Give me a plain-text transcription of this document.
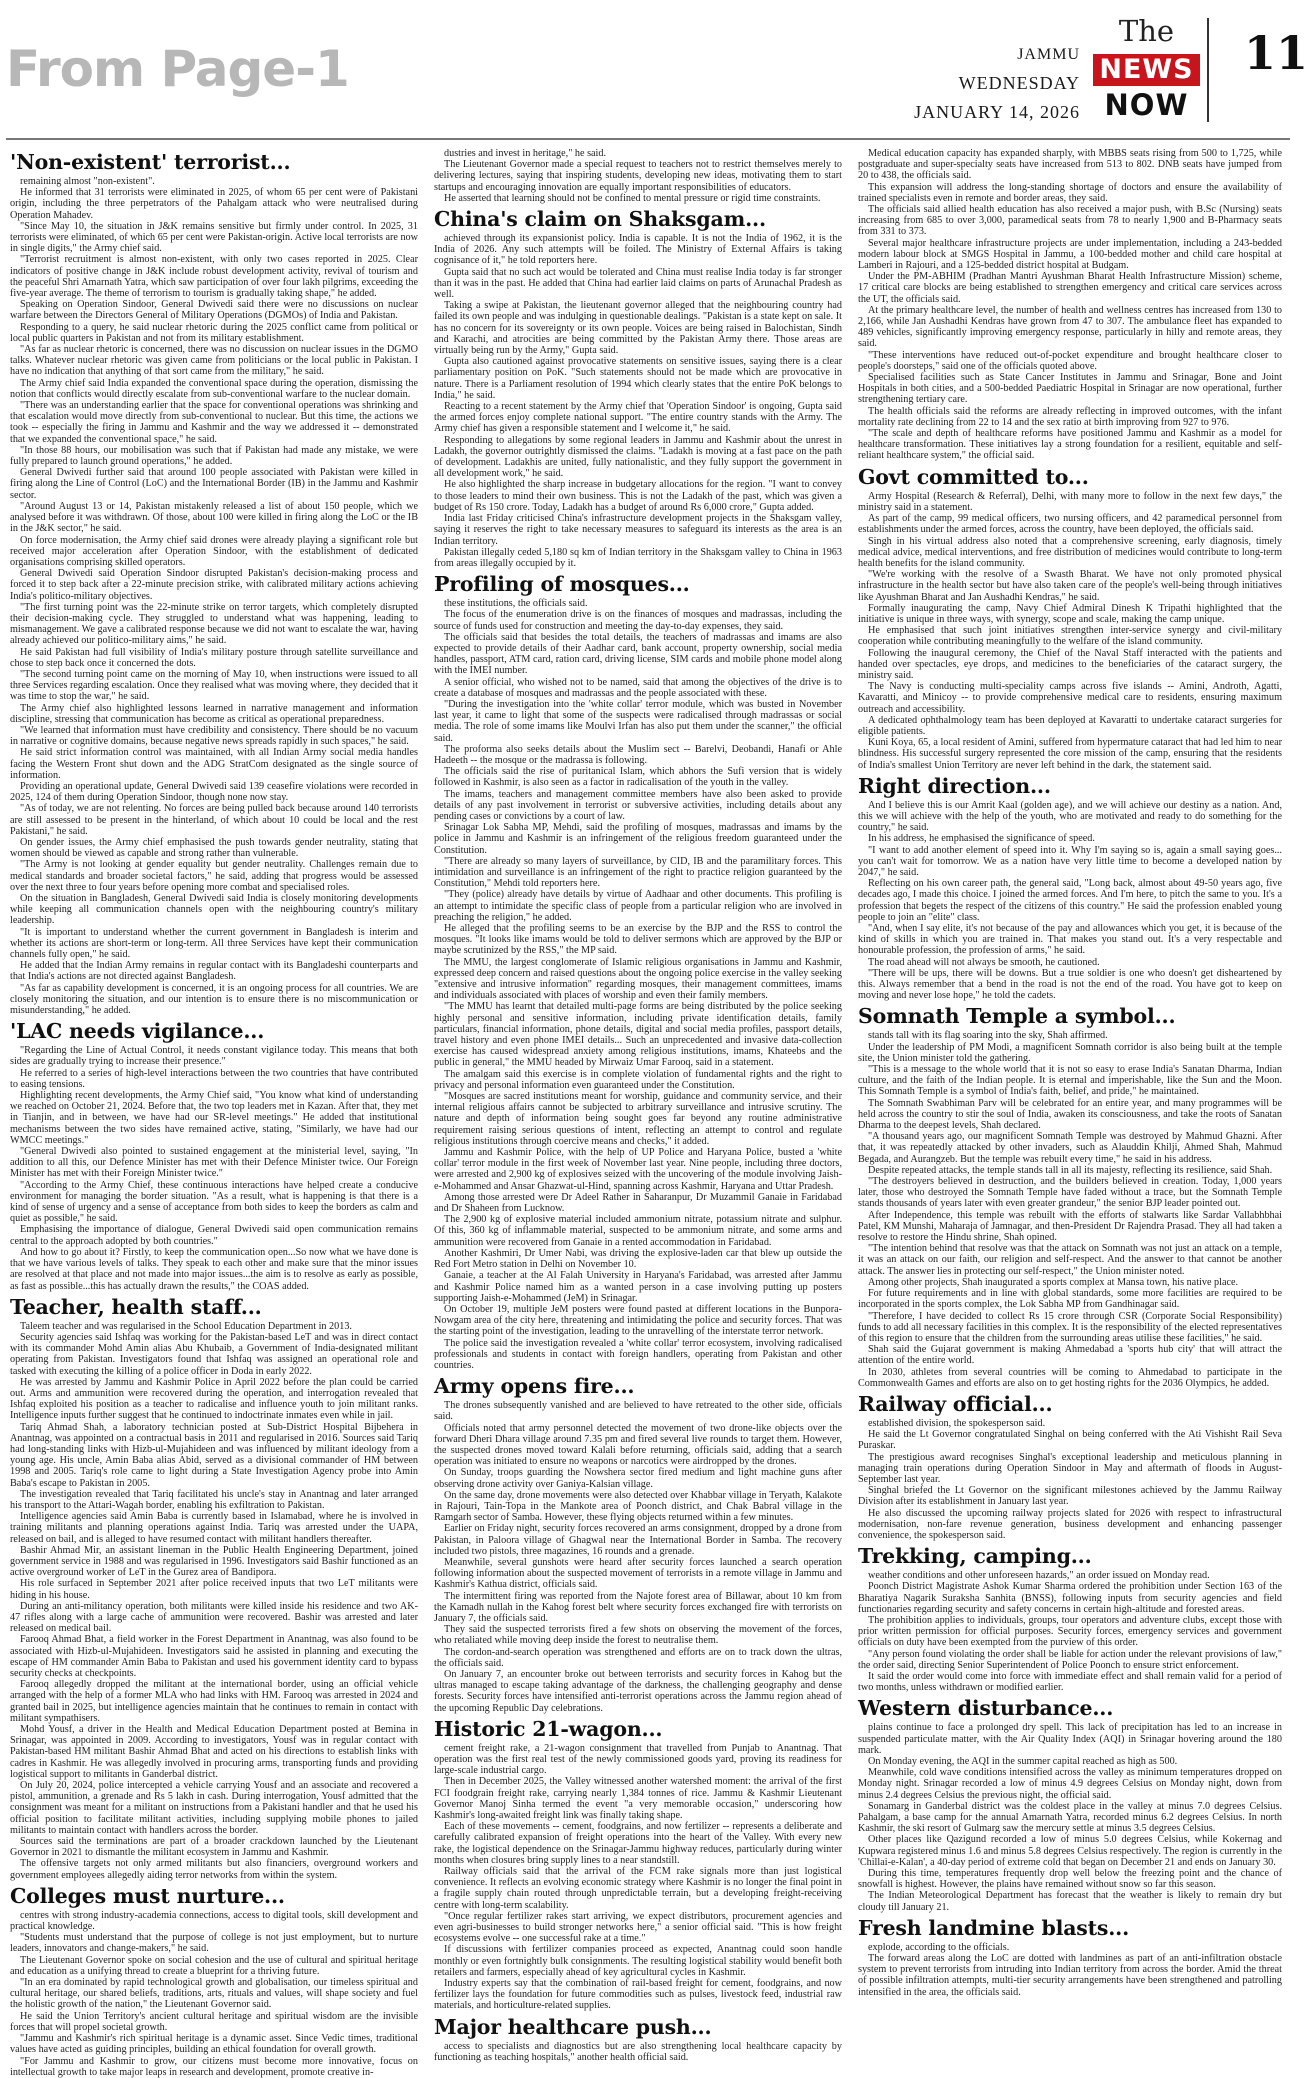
From Page-1	JAMMU
WEDNESDAY
JANUARY 14, 2026
The
NEWS
NOW
11
'Non-existent' terrorist...

remaining almost "non-existent".

He informed that 31 terrorists were eliminated in 2025, of whom 65 per cent were of Pakistani origin, including the three perpetrators of the Pahalgam attack who were neutralised during Operation Mahadev.

"Since May 10, the situation in J&K remains sensitive but firmly under control. In 2025, 31 terrorists were eliminated, of which 65 per cent were Pakistan-origin. Active local terrorists are now in single digits," the Army chief said.

"Terrorist recruitment is almost non-existent, with only two cases reported in 2025. Clear indicators of positive change in J&K include robust development activity, revival of tourism and the peaceful Shri Amarnath Yatra, which saw participation of over four lakh pilgrims, exceeding the five-year average. The theme of terrorism to tourism is gradually taking shape," he added.

Speaking on Operation Sindoor, General Dwivedi said there were no discussions on nuclear warfare between the Directors General of Military Operations (DGMOs) of India and Pakistan.

Responding to a query, he said nuclear rhetoric during the 2025 conflict came from political or local public quarters in Pakistan and not from its military establishment.

"As far as nuclear rhetoric is concerned, there was no discussion on nuclear issues in the DGMO talks. Whatever nuclear rhetoric was given came from politicians or the local public in Pakistan. I have no indication that anything of that sort came from the military," he said.

The Army chief said India expanded the conventional space during the operation, dismissing the notion that conflicts would directly escalate from sub-conventional warfare to the nuclear domain.

"There was an understanding earlier that the space for conventional operations was shrinking and that escalation would move directly from sub-conventional to nuclear. But this time, the actions we took -- especially the firing in Jammu and Kashmir and the way we addressed it -- demonstrated that we expanded the conventional space," he said.

"In those 88 hours, our mobilisation was such that if Pakistan had made any mistake, we were fully prepared to launch ground operations," he added.

General Dwivedi further said that around 100 people associated with Pakistan were killed in firing along the Line of Control (LoC) and the International Border (IB) in the Jammu and Kashmir sector.

"Around August 13 or 14, Pakistan mistakenly released a list of about 150 people, which we analysed before it was withdrawn. Of those, about 100 were killed in firing along the LoC or the IB in the J&K sector," he said.

On force modernisation, the Army chief said drones were already playing a significant role but received major acceleration after Operation Sindoor, with the establishment of dedicated organisations comprising skilled operators.

General Dwivedi said Operation Sindoor disrupted Pakistan's decision-making process and forced it to step back after a 22-minute precision strike, with calibrated military actions achieving India's politico-military objectives.

"The first turning point was the 22-minute strike on terror targets, which completely disrupted their decision-making cycle. They struggled to understand what was happening, leading to mismanagement. We gave a calibrated response because we did not want to escalate the war, having already achieved our politico-military aims," he said.

He said Pakistan had full visibility of India's military posture through satellite surveillance and chose to step back once it concerned the dots.

"The second turning point came on the morning of May 10, when instructions were issued to all three Services regarding escalation. Once they realised what was moving where, they decided that it was time to stop the war," he said.

The Army chief also highlighted lessons learned in narrative management and information discipline, stressing that communication has become as critical as operational preparedness.

"We learned that information must have credibility and consistency. There should be no vacuum in narrative or cognitive domains, because negative news spreads rapidly in such spaces," he said.

He said strict information control was maintained, with all Indian Army social media handles facing the Western Front shut down and the ADG StratCom designated as the single source of information.

Providing an operational update, General Dwivedi said 139 ceasefire violations were recorded in 2025, 124 of them during Operation Sindoor, though none now stay.

"As of today, we are not relenting. No forces are being pulled back because around 140 terrorists are still assessed to be present in the hinterland, of which about 10 could be local and the rest Pakistani," he said.

On gender issues, the Army chief emphasised the push towards gender neutrality, stating that women should be viewed as capable and strong rather than vulnerable.

"The Army is not looking at gender equality but gender neutrality. Challenges remain due to medical standards and broader societal factors," he said, adding that progress would be assessed over the next three to four years before opening more combat and specialised roles.

On the situation in Bangladesh, General Dwivedi said India is closely monitoring developments while keeping all communication channels open with the neighbouring country's military leadership.

"It is important to understand whether the current government in Bangladesh is interim and whether its actions are short-term or long-term. All three Services have kept their communication channels fully open," he said.

He added that the Indian Army remains in regular contact with its Bangladeshi counterparts and that India's actions are not directed against Bangladesh.

"As far as capability development is concerned, it is an ongoing process for all countries. We are closely monitoring the situation, and our intention is to ensure there is no miscommunication or misunderstanding," he added.

'LAC needs vigilance...

"Regarding the Line of Actual Control, it needs constant vigilance today. This means that both sides are gradually trying to increase their presence."

He referred to a series of high-level interactions between the two countries that have contributed to easing tensions.

Highlighting recent developments, the Army Chief said, "You know what kind of understanding we reached on October 21, 2024. Before that, the two top leaders met in Kazan. After that, they met in Tianjin, and in between, we have had our SR-level meetings." He added that institutional mechanisms between the two sides have remained active, stating, "Similarly, we have had our WMCC meetings."

"General Dwivedi also pointed to sustained engagement at the ministerial level, saying, "In addition to all this, our Defence Minister has met with their Defence Minister twice. Our Foreign Minister has met with their Foreign Minister twice."

"According to the Army Chief, these continuous interactions have helped create a conducive environment for managing the border situation. "As a result, what is happening is that there is a kind of sense of urgency and a sense of acceptance from both sides to keep the borders as calm and quiet as possible," he said.

Emphasising the importance of dialogue, General Dwivedi said open communication remains central to the approach adopted by both countries."

And how to go about it? Firstly, to keep the communication open...So now what we have done is that we have various levels of talks. They speak to each other and make sure that the minor issues are resolved at that place and not made into major issues...the aim is to resolve as early as possible, as fast as possible...this has actually drawn the results," the COAS added.

Teacher, health staff...

Taleem teacher and was regularised in the School Education Department in 2013.

Security agencies said Ishfaq was working for the Pakistan-based LeT and was in direct contact with its commander Mohd Amin alias Abu Khubaib, a Government of India-designated militant operating from Pakistan. Investigators found that Ishfaq was assigned an operational role and tasked with executing the killing of a police officer in Doda in early 2022.

He was arrested by Jammu and Kashmir Police in April 2022 before the plan could be carried out. Arms and ammunition were recovered during the operation, and interrogation revealed that Ishfaq exploited his position as a teacher to radicalise and influence youth to join militant ranks. Intelligence inputs further suggest that he continued to indoctrinate inmates even while in jail.

Tariq Ahmad Shah, a laboratory technician posted at Sub-District Hospital Bijbehera in Anantnag, was appointed on a contractual basis in 2011 and regularised in 2016. Sources said Tariq had long-standing links with Hizb-ul-Mujahideen and was influenced by militant ideology from a young age. His uncle, Amin Baba alias Abid, served as a divisional commander of HM between 1998 and 2005. Tariq's role came to light during a State Investigation Agency probe into Amin Baba's escape to Pakistan in 2005.

The investigation revealed that Tariq facilitated his uncle's stay in Anantnag and later arranged his transport to the Attari-Wagah border, enabling his exfiltration to Pakistan.

Intelligence agencies said Amin Baba is currently based in Islamabad, where he is involved in training militants and planning operations against India. Tariq was arrested under the UAPA, released on bail, and is alleged to have resumed contact with militant handlers thereafter.

Bashir Ahmad Mir, an assistant lineman in the Public Health Engineering Department, joined government service in 1988 and was regularised in 1996. Investigators said Bashir functioned as an active overground worker of LeT in the Gurez area of Bandipora.

His role surfaced in September 2021 after police received inputs that two LeT militants were hiding in his house.

During an anti-militancy operation, both militants were killed inside his residence and two AK-47 rifles along with a large cache of ammunition were recovered. Bashir was arrested and later released on medical bail.

Farooq Ahmad Bhat, a field worker in the Forest Department in Anantnag, was also found to be associated with Hizb-ul-Mujahideen. Investigators said he assisted in planning and executing the escape of HM commander Amin Baba to Pakistan and used his government identity card to bypass security checks at checkpoints.

Farooq allegedly dropped the militant at the international border, using an official vehicle arranged with the help of a former MLA who had links with HM. Farooq was arrested in 2024 and granted bail in 2025, but intelligence agencies maintain that he continues to remain in contact with militant sympathisers.

Mohd Yousf, a driver in the Health and Medical Education Department posted at Bemina in Srinagar, was appointed in 2009. According to investigators, Yousf was in regular contact with Pakistan-based HM militant Bashir Ahmad Bhat and acted on his directions to establish links with cadres in Kashmir. He was allegedly involved in procuring arms, transporting funds and providing logistical support to militants in Ganderbal district.

On July 20, 2024, police intercepted a vehicle carrying Yousf and an associate and recovered a pistol, ammunition, a grenade and Rs 5 lakh in cash. During interrogation, Yousf admitted that the consignment was meant for a militant on instructions from a Pakistani handler and that he used his official position to facilitate militant activities, including supplying mobile phones to jailed militants to maintain contact with handlers across the border.

Sources said the terminations are part of a broader crackdown launched by the Lieutenant Governor in 2021 to dismantle the militant ecosystem in Jammu and Kashmir.

The offensive targets not only armed militants but also financiers, overground workers and government employees allegedly aiding terror networks from within the system.

Colleges must nurture...

centres with strong industry-academia connections, access to digital tools, skill development and practical knowledge.

"Students must understand that the purpose of college is not just employment, but to nurture leaders, innovators and change-makers," he said.

The Lieutenant Governor spoke on social cohesion and the use of cultural and spiritual heritage and education as a unifying thread to create a blueprint for a thriving future.

"In an era dominated by rapid technological growth and globalisation, our timeless spiritual and cultural heritage, our shared beliefs, traditions, arts, rituals and values, will shape society and fuel the holistic growth of the nation," the Lieutenant Governor said.

He said the Union Territory's ancient cultural heritage and spiritual wisdom are the invisible forces that will propel societal growth.

"Jammu and Kashmir's rich spiritual heritage is a dynamic asset. Since Vedic times, traditional values have acted as guiding principles, building an ethical foundation for overall growth.

"For Jammu and Kashmir to grow, our citizens must become more innovative, focus on intellectual growth to take major leaps in research and development, promote creative in-

dustries and invest in heritage," he said.

The Lieutenant Governor made a special request to teachers not to restrict themselves merely to delivering lectures, saying that inspiring students, developing new ideas, motivating them to start startups and encouraging innovation are equally important responsibilities of educators.

He asserted that learning should not be confined to mental pressure or rigid time constraints.

China's claim on Shaksgam...

achieved through its expansionist policy. India is capable. It is not the India of 1962, it is the India of 2026. Any such attempts will be foiled. The Ministry of External Affairs is taking cognisance of it," he told reporters here.

Gupta said that no such act would be tolerated and China must realise India today is far stronger than it was in the past. He added that China had earlier laid claims on parts of Arunachal Pradesh as well.

Taking a swipe at Pakistan, the lieutenant governor alleged that the neighbouring country had failed its own people and was indulging in questionable dealings. "Pakistan is a state kept on sale. It has no concern for its sovereignty or its own people. Voices are being raised in Balochistan, Sindh and Karachi, and atrocities are being committed by the Pakistan Army there. Those areas are virtually being run by the Army," Gupta said.

Gupta also cautioned against provocative statements on sensitive issues, saying there is a clear parliamentary position on PoK. "Such statements should not be made which are provocative in nature. There is a Parliament resolution of 1994 which clearly states that the entire PoK belongs to India," he said.

Reacting to a recent statement by the Army chief that 'Operation Sindoor' is ongoing, Gupta said the armed forces enjoy complete national support. "The entire country stands with the Army. The Army chief has given a responsible statement and I welcome it," he said.

Responding to allegations by some regional leaders in Jammu and Kashmir about the unrest in Ladakh, the governor outrightly dismissed the claims. "Ladakh is moving at a fast pace on the path of development. Ladakhis are united, fully nationalistic, and they fully support the government in all development work," he said.

He also highlighted the sharp increase in budgetary allocations for the region. "I want to convey to those leaders to mind their own business. This is not the Ladakh of the past, which was given a budget of Rs 150 crore. Today, Ladakh has a budget of around Rs 6,000 crore," Gupta added.

India last Friday criticised China's infrastructure development projects in the Shaksgam valley, saying it reserves the right to take necessary measures to safeguard its interests as the area is an Indian territory.

Pakistan illegally ceded 5,180 sq km of Indian territory in the Shaksgam valley to China in 1963 from areas illegally occupied by it.

Profiling of mosques...

these institutions, the officials said.

The focus of the enumeration drive is on the finances of mosques and madrassas, including the source of funds used for construction and meeting the day-to-day expenses, they said.

The officials said that besides the total details, the teachers of madrassas and imams are also expected to provide details of their Aadhar card, bank account, property ownership, social media handles, passport, ATM card, ration card, driving license, SIM cards and mobile phone model along with the IMEI number.

A senior official, who wished not to be named, said that among the objectives of the drive is to create a database of mosques and madrassas and the people associated with these.

"During the investigation into the 'white collar' terror module, which was busted in November last year, it came to light that some of the suspects were radicalised through madrassas or social media. The role of some imams like Moulvi Irfan has also put them under the scanner," the official said.

The proforma also seeks details about the Muslim sect -- Barelvi, Deobandi, Hanafi or Ahle Hadeeth -- the mosque or the madrassa is following.

The officials said the rise of puritanical Islam, which abhors the Sufi version that is widely followed in Kashmir, is also seen as a factor in radicalisation of the youth in the valley.

The imams, teachers and management committee members have also been asked to provide details of any past involvement in terrorist or subversive activities, including details about any pending cases or convictions by a court of law.

Srinagar Lok Sabha MP, Mehdi, said the profiling of mosques, madrassas and imams by the police in Jammu and Kashmir is an infringement of the religious freedom guaranteed under the Constitution.

"There are already so many layers of surveillance, by CID, IB and the paramilitary forces. This intimidation and surveillance is an infringement of the right to practice religion guaranteed by the Constitution," Mehdi told reporters here.

"They (police) already have details by virtue of Aadhaar and other documents. This profiling is an attempt to intimidate the specific class of people from a particular religion who are involved in preaching the religion," he added.

He alleged that the profiling seems to be an exercise by the BJP and the RSS to control the mosques. "It looks like imams would be told to deliver sermons which are approved by the BJP or maybe scrutinized by the RSS," the MP said.

The MMU, the largest conglomerate of Islamic religious organisations in Jammu and Kashmir, expressed deep concern and raised questions about the ongoing police exercise in the valley seeking "extensive and intrusive information" regarding mosques, their management committees, imams and individuals associated with places of worship and even their family members.

"The MMU has learnt that detailed multi-page forms are being distributed by the police seeking highly personal and sensitive information, including private identification details, family particulars, financial information, phone details, digital and social media profiles, passport details, travel history and even phone IMEI details... Such an unprecedented and invasive data-collection exercise has caused widespread anxiety among religious institutions, imams, Khateebs and the public in general," the MMU headed by Mirwaiz Umar Farooq, said in a statement.

The amalgam said this exercise is in complete violation of fundamental rights and the right to privacy and personal information even guaranteed under the Constitution.

"Mosques are sacred institutions meant for worship, guidance and community service, and their internal religious affairs cannot be subjected to arbitrary surveillance and intrusive scrutiny. The nature and depth of information being sought goes far beyond any routine administrative requirement raising serious questions of intent, reflecting an attempt to control and regulate religious institutions through coercive means and checks," it added.

Jammu and Kashmir Police, with the help of UP Police and Haryana Police, busted a 'white collar' terror module in the first week of November last year. Nine people, including three doctors, were arrested and 2,900 kg of explosives seized with the uncovering of the module involving Jaish-e-Mohammed and Ansar Ghazwat-ul-Hind, spanning across Kashmir, Haryana and Uttar Pradesh.

Among those arrested were Dr Adeel Rather in Saharanpur, Dr Muzammil Ganaie in Faridabad and Dr Shaheen from Lucknow.

The 2,900 kg of explosive material included ammonium nitrate, potassium nitrate and sulphur. Of this, 360 kg of inflammable material, suspected to be ammonium nitrate, and some arms and ammunition were recovered from Ganaie in a rented accommodation in Faridabad.

Another Kashmiri, Dr Umer Nabi, was driving the explosive-laden car that blew up outside the Red Fort Metro station in Delhi on November 10.

Ganaie, a teacher at the Al Falah University in Haryana's Faridabad, was arrested after Jammu and Kashmir Police named him as a wanted person in a case involving putting up posters supporting Jaish-e-Mohammed (JeM) in Srinagar.

On October 19, multiple JeM posters were found pasted at different locations in the Bunpora-Nowgam area of the city here, threatening and intimidating the police and security forces. That was the starting point of the investigation, leading to the unravelling of the interstate terror network.

The police said the investigation revealed a 'white collar' terror ecosystem, involving radicalised professionals and students in contact with foreign handlers, operating from Pakistan and other countries.

Army opens fire...

The drones subsequently vanished and are believed to have retreated to the other side, officials said.

Officials noted that army personnel detected the movement of two drone-like objects over the forward Dheri Dhara village around 7.35 pm and fired several live rounds to target them. However, the suspected drones moved toward Kalali before returning, officials said, adding that a search operation was initiated to ensure no weapons or narcotics were airdropped by the drones.

On Sunday, troops guarding the Nowshera sector fired medium and light machine guns after observing drone activity over Ganiya-Kalsian village.

On the same day, drone movements were also detected over Khabbar village in Teryath, Kalakote in Rajouri, Tain-Topa in the Mankote area of Poonch district, and Chak Babral village in the Ramgarh sector of Samba. However, these flying objects returned within a few minutes.

Earlier on Friday night, security forces recovered an arms consignment, dropped by a drone from Pakistan, in Paloora village of Ghagwal near the International Border in Samba. The recovery included two pistols, three magazines, 16 rounds and a grenade.

Meanwhile, several gunshots were heard after security forces launched a search operation following information about the suspected movement of terrorists in a remote village in Jammu and Kashmir's Kathua district, officials said.

The intermittent firing was reported from the Najote forest area of Billawar, about 10 km from the Kamadh nullah in the Kahog forest belt where security forces exchanged fire with terrorists on January 7, the officials said.

They said the suspected terrorists fired a few shots on observing the movement of the forces, who retaliated while moving deep inside the forest to neutralise them.

The cordon-and-search operation was strengthened and efforts are on to track down the ultras, the officials said.

On January 7, an encounter broke out between terrorists and security forces in Kahog but the ultras managed to escape taking advantage of the darkness, the challenging geography and dense forests. Security forces have intensified anti-terrorist operations across the Jammu region ahead of the upcoming Republic Day celebrations.

Historic 21-wagon...

cement freight rake, a 21-wagon consignment that travelled from Punjab to Anantnag. That operation was the first real test of the newly commissioned goods yard, proving its readiness for large-scale industrial cargo.

Then in December 2025, the Valley witnessed another watershed moment: the arrival of the first FCI foodgrain freight rake, carrying nearly 1,384 tonnes of rice. Jammu & Kashmir Lieutenant Governor Manoj Sinha termed the event "a very memorable occasion," underscoring how Kashmir's long-awaited freight link was finally taking shape.

Each of these movements -- cement, foodgrains, and now fertilizer -- represents a deliberate and carefully calibrated expansion of freight operations into the heart of the Valley. With every new rake, the logistical dependence on the Srinagar-Jammu highway reduces, particularly during winter months when closures bring supply lines to a near standstill.

Railway officials said that the arrival of the FCM rake signals more than just logistical convenience. It reflects an evolving economic strategy where Kashmir is no longer the final point in a fragile supply chain routed through unpredictable terrain, but a developing freight-receiving centre with long-term scalability.

"Once regular fertilizer rakes start arriving, we expect distributors, procurement agencies and even agri-businesses to build stronger networks here," a senior official said. "This is how freight ecosystems evolve -- one successful rake at a time."

If discussions with fertilizer companies proceed as expected, Anantnag could soon handle monthly or even fortnightly bulk consignments. The resulting logistical stability would benefit both retailers and farmers, especially ahead of key agricultural cycles in Kashmir.

Industry experts say that the combination of rail-based freight for cement, foodgrains, and now fertilizer lays the foundation for future commodities such as pulses, livestock feed, industrial raw materials, and horticulture-related supplies.

Major healthcare push...

access to specialists and diagnostics but are also strengthening local healthcare capacity by functioning as teaching hospitals," another health official said.

Medical education capacity has expanded sharply, with MBBS seats rising from 500 to 1,725, while postgraduate and super-specialty seats have increased from 513 to 802. DNB seats have jumped from 20 to 438, the officials said.

This expansion will address the long-standing shortage of doctors and ensure the availability of trained specialists even in remote and border areas, they said.

The officials said allied health education has also received a major push, with B.Sc (Nursing) seats increasing from 685 to over 3,000, paramedical seats from 78 to nearly 1,900 and B-Pharmacy seats from 331 to 373.

Several major healthcare infrastructure projects are under implementation, including a 243-bedded modern labour block at SMGS Hospital in Jammu, a 100-bedded mother and child care hospital at Lamberi in Rajouri, and a 125-bedded district hospital at Budgam.

Under the PM-ABHIM (Pradhan Mantri Ayushman Bharat Health Infrastructure Mission) scheme, 17 critical care blocks are being established to strengthen emergency and critical care services across the UT, the officials said.

At the primary healthcare level, the number of health and wellness centres has increased from 130 to 2,166, while Jan Aushadhi Kendras have grown from 47 to 307. The ambulance fleet has expanded to 489 vehicles, significantly improving emergency response, particularly in hilly and remote areas, they said.

"These interventions have reduced out-of-pocket expenditure and brought healthcare closer to people's doorsteps," said one of the officials quoted above.

Specialised facilities such as State Cancer Institutes in Jammu and Srinagar, Bone and Joint Hospitals in both cities, and a 500-bedded Paediatric Hospital in Srinagar are now operational, further strengthening tertiary care.

The health officials said the reforms are already reflecting in improved outcomes, with the infant mortality rate declining from 22 to 14 and the sex ratio at birth improving from 927 to 976.

"The scale and depth of healthcare reforms have positioned Jammu and Kashmir as a model for healthcare transformation. These initiatives lay a strong foundation for a resilient, equitable and self-reliant healthcare system," the official said.

Govt committed to...

Army Hospital (Research & Referral), Delhi, with many more to follow in the next few days," the ministry said in a statement.

As part of the camp, 99 medical officers, two nursing officers, and 42 paramedical personnel from establishments under the armed forces, across the country, have been deployed, the officials said.

Singh in his virtual address also noted that a comprehensive screening, early diagnosis, timely medical advice, medical interventions, and free distribution of medicines would contribute to long-term health benefits for the island community.

"We're working with the resolve of a Swasth Bharat. We have not only promoted physical infrastructure in the health sector but have also taken care of the people's well-being through initiatives like Ayushman Bharat and Jan Aushadhi Kendras," he said.

Formally inaugurating the camp, Navy Chief Admiral Dinesh K Tripathi highlighted that the initiative is unique in three ways, with synergy, scope and scale, making the camp unique.

He emphasised that such joint initiatives strengthen inter-service synergy and civil-military cooperation while contributing meaningfully to the welfare of the island community.

Following the inaugural ceremony, the Chief of the Naval Staff interacted with the patients and handed over spectacles, eye drops, and medicines to the beneficiaries of the cataract surgery, the ministry said.

The Navy is conducting multi-speciality camps across five islands -- Amini, Androth, Agatti, Kavaratti, and Minicoy -- to provide comprehensive medical care to residents, ensuring maximum outreach and accessibility.

A dedicated ophthalmology team has been deployed at Kavaratti to undertake cataract surgeries for eligible patients.

Kuni Koya, 65, a local resident of Amini, suffered from hypermature cataract that had led him to near blindness. His successful surgery represented the core mission of the camp, ensuring that the residents of India's smallest Union Territory are never left behind in the dark, the statement said.

Right direction...

And I believe this is our Amrit Kaal (golden age), and we will achieve our destiny as a nation. And, this we will achieve with the help of the youth, who are motivated and ready to do something for the country," he said.

In his address, he emphasised the significance of speed.

"I want to add another element of speed into it. Why I'm saying so is, again a small saying goes... you can't wait for tomorrow. We as a nation have very little time to become a developed nation by 2047," he said.

Reflecting on his own career path, the general said, "Long back, almost about 49-50 years ago, five decades ago, I made this choice. I joined the armed forces. And I'm here, to pitch the same to you. It's a profession that begets the respect of the citizens of this country." He said the profession enabled young people to join an "elite" class.

"And, when I say elite, it's not because of the pay and allowances which you get, it is because of the kind of skills in which you are trained in. That makes you stand out. It's a very respectable and honourable profession, the profession of arms," he said.

The road ahead will not always be smooth, he cautioned.

"There will be ups, there will be downs. But a true soldier is one who doesn't get disheartened by this. Always remember that a bend in the road is not the end of the road. You have got to keep on moving and never lose hope," he told the cadets.

Somnath Temple a symbol...

stands tall with its flag soaring into the sky, Shah affirmed.

Under the leadership of PM Modi, a magnificent Somnath corridor is also being built at the temple site, the Union minister told the gathering.

"This is a message to the whole world that it is not so easy to erase India's Sanatan Dharma, Indian culture, and the faith of the Indian people. It is eternal and imperishable, like the Sun and the Moon. This Somnath Temple is a symbol of India's faith, belief, and pride," he maintained.

The Somnath Swabhiman Parv will be celebrated for an entire year, and many programmes will be held across the country to stir the soul of India, awaken its consciousness, and take the roots of Sanatan Dharma to the deepest levels, Shah declared.

"A thousand years ago, our magnificent Somnath Temple was destroyed by Mahmud Ghazni. After that, it was repeatedly attacked by other invaders, such as Alauddin Khilji, Ahmed Shah, Mahmud Begada, and Aurangzeb. But the temple was rebuilt every time," he said in his address.

Despite repeated attacks, the temple stands tall in all its majesty, reflecting its resilience, said Shah.

"The destroyers believed in destruction, and the builders believed in creation. Today, 1,000 years later, those who destroyed the Somnath Temple have faded without a trace, but the Somnath Temple stands thousands of years later with even greater grandeur," the senior BJP leader pointed out.

After Independence, this temple was rebuilt with the efforts of stalwarts like Sardar Vallabhbhai Patel, KM Munshi, Maharaja of Jamnagar, and then-President Dr Rajendra Prasad. They all had taken a resolve to restore the Hindu shrine, Shah opined.

"The intention behind that resolve was that the attack on Somnath was not just an attack on a temple, it was an attack on our faith, our religion and self-respect. And the answer to that cannot be another attack. The answer lies in protecting our self-respect," the Union minister noted.

Among other projects, Shah inaugurated a sports complex at Mansa town, his native place.

For future requirements and in line with global standards, some more facilities are required to be incorporated in the sports complex, the Lok Sabha MP from Gandhinagar said.

"Therefore, I have decided to collect Rs 15 crore through CSR (Corporate Social Responsibility) funds to add all necessary facilities in this complex. It is the responsibility of the elected representatives of this region to ensure that the children from the surrounding areas utilise these facilities," he said.

Shah said the Gujarat government is making Ahmedabad a 'sports hub city' that will attract the attention of the entire world.

In 2030, athletes from several countries will be coming to Ahmedabad to participate in the Commonwealth Games and efforts are also on to get hosting rights for the 2036 Olympics, he added.

Railway official...

established division, the spokesperson said.

He said the Lt Governor congratulated Singhal on being conferred with the Ati Vishisht Rail Seva Puraskar.

The prestigious award recognises Singhal's exceptional leadership and meticulous planning in managing train operations during Operation Sindoor in May and aftermath of floods in August-September last year.

Singhal briefed the Lt Governor on the significant milestones achieved by the Jammu Railway Division after its establishment in January last year.

He also discussed the upcoming railway projects slated for 2026 with respect to infrastructural modernisation, non-fare revenue generation, business development and enhancing passenger convenience, the spokesperson said.

Trekking, camping...

weather conditions and other unforeseen hazards," an order issued on Monday read.

Poonch District Magistrate Ashok Kumar Sharma ordered the prohibition under Section 163 of the Bharatiya Nagarik Suraksha Sanhita (BNSS), following inputs from security agencies and field functionaries regarding security and safety concerns in certain high-altitude and forested areas.

The prohibition applies to individuals, groups, tour operators and adventure clubs, except those with prior written permission for official purposes. Security forces, emergency services and government officials on duty have been exempted from the purview of this order.

"Any person found violating the order shall be liable for action under the relevant provisions of law," the order said, directing Senior Superintendent of Police Poonch to ensure strict enforcement.

It said the order would come into force with immediate effect and shall remain valid for a period of two months, unless withdrawn or modified earlier.

Western disturbance...

plains continue to face a prolonged dry spell. This lack of precipitation has led to an increase in suspended particulate matter, with the Air Quality Index (AQI) in Srinagar hovering around the 180 mark.

On Monday evening, the AQI in the summer capital reached as high as 500.

Meanwhile, cold wave conditions intensified across the valley as minimum temperatures dropped on Monday night. Srinagar recorded a low of minus 4.9 degrees Celsius on Monday night, down from minus 2.4 degrees Celsius the previous night, the official said.

Sonamarg in Ganderbal district was the coldest place in the valley at minus 7.0 degrees Celsius. Pahalgam, a base camp for the annual Amarnath Yatra, recorded minus 6.2 degrees Celsius. In north Kashmir, the ski resort of Gulmarg saw the mercury settle at minus 3.5 degrees Celsius.

Other places like Qazigund recorded a low of minus 5.0 degrees Celsius, while Kokernag and Kupwara registered minus 1.6 and minus 5.8 degrees Celsius respectively. The region is currently in the 'Chillai-e-Kalan', a 40-day period of extreme cold that began on December 21 and ends on January 30.

During this time, temperatures frequently drop well below the freezing point and the chance of snowfall is highest. However, the plains have remained without snow so far this season.

The Indian Meteorological Department has forecast that the weather is likely to remain dry but cloudy till January 21.

Fresh landmine blasts...

explode, according to the officials.

The forward areas along the LoC are dotted with landmines as part of an anti-infiltration obstacle system to prevent terrorists from intruding into Indian territory from across the border. Amid the threat of possible infiltration attempts, multi-tier security arrangements have been strengthened and patrolling intensified in the area, the officials said.
